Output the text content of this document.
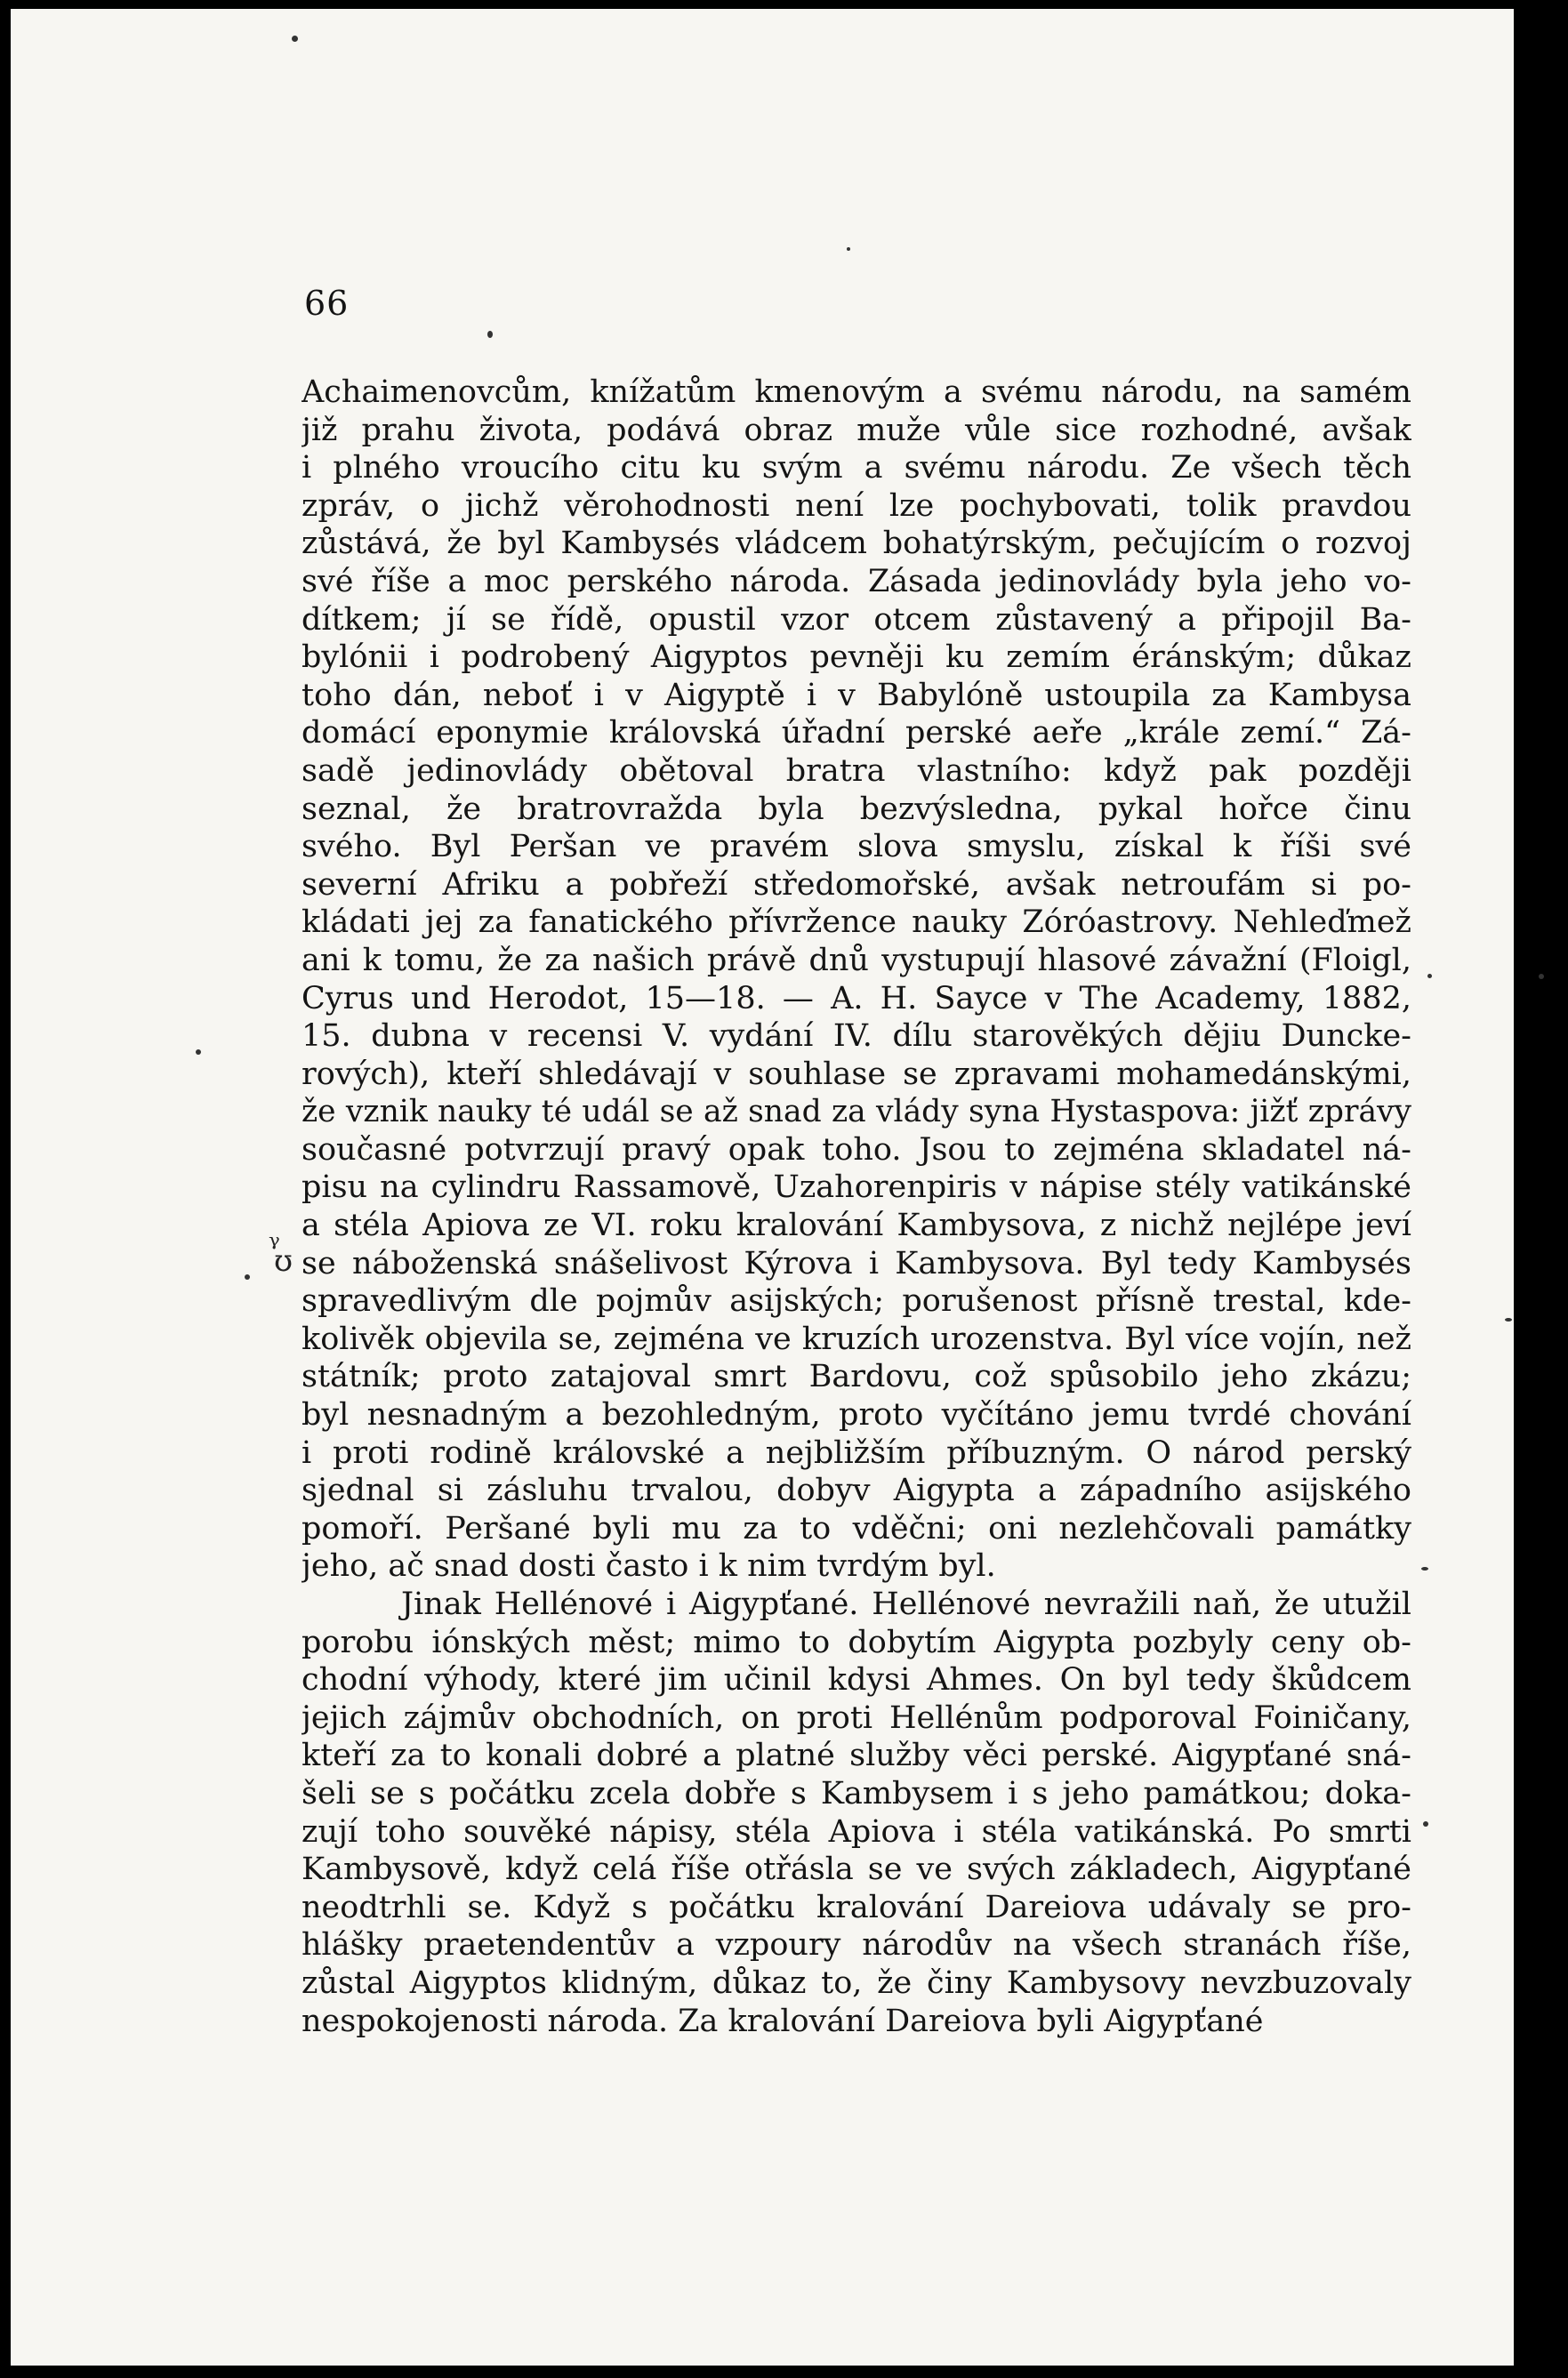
66
Achaimenovcům, knížatům kmenovým a svému národu, na samém
již prahu života, podává obraz muže vůle sice rozhodné, avšak
i plného vroucího citu ku svým a svému národu. Ze všech těch
zpráv, o jichž věrohodnosti není lze pochybovati, tolik pravdou
zůstává, že byl Kambysés vládcem bohatýrským, pečujícím o rozvoj
své říše a moc perského národa. Zásada jedinovlády byla jeho vo-
dítkem; jí se řídě, opustil vzor otcem zůstavený a připojil Ba-
bylónii i podrobený Aigyptos pevněji ku zemím éránským; důkaz
toho dán, neboť i v Aigyptě i v Babylóně ustoupila za Kambysa
domácí eponymie královská úřadní perské aeře „krále zemí.“ Zá-
sadě jedinovlády obětoval bratra vlastního: když pak později
seznal, že bratrovražda byla bezvýsledna, pykal hořce činu
svého. Byl Peršan ve pravém slova smyslu, získal k říši své
severní Afriku a pobřeží středomořské, avšak netroufám si po-
kládati jej za fanatického přívržence nauky Zóróastrovy. Nehleďmež
ani k tomu, že za našich právě dnů vystupují hlasové závažní (Floigl,
Cyrus und Herodot, 15—18. — A. H. Sayce v The Academy, 1882,
15. dubna v recensi V. vydání IV. dílu starověkých dějiu Duncke-
rových), kteří shledávají v souhlase se zpravami mohamedánskými,
že vznik nauky té udál se až snad za vlády syna Hystaspova: jižť zprávy
současné potvrzují pravý opak toho. Jsou to zejména skladatel ná-
pisu na cylindru Rassamově, Uzahorenpiris v nápise stély vatikánské
a stéla Apiova ze VI. roku kralování Kambysova, z nichž nejlépe jeví
se náboženská snášelivost Kýrova i Kambysova. Byl tedy Kambysés
spravedlivým dle pojmův asijských; porušenost přísně trestal, kde-
kolivěk objevila se, zejména ve kruzích urozenstva. Byl více vojín, než
státník; proto zatajoval smrt Bardovu, což spůsobilo jeho zkázu;
byl nesnadným a bezohledným, proto vyčítáno jemu tvrdé chování
i proti rodině královské a nejbližším příbuzným. O národ perský
sjednal si zásluhu trvalou, dobyv Aigypta a západního asijského
pomoří. Peršané byli mu za to vděčni; oni nezlehčovali památky
jeho, ač snad dosti často i k nim tvrdým byl.
Jinak Hellénové i Aigypťané. Hellénové nevražili naň, že utužil
porobu iónských měst; mimo to dobytím Aigypta pozbyly ceny ob-
chodní výhody, které jim učinil kdysi Ahmes. On byl tedy škůdcem
jejich zájmův obchodních, on proti Hellénům podporoval Foiničany,
kteří za to konali dobré a platné služby věci perské. Aigypťané sná-
šeli se s počátku zcela dobře s Kambysem i s jeho památkou; doka-
zují toho souvěké nápisy, stéla Apiova i stéla vatikánská. Po smrti
Kambysově, když celá říše otřásla se ve svých základech, Aigypťané
neodtrhli se. Když s počátku kralování Dareiova udávaly se pro-
hlášky praetendentův a vzpoury národův na všech stranách říše,
zůstal Aigyptos klidným, důkaz to, že činy Kambysovy nevzbuzovaly
nespokojenosti národa. Za kralování Dareiova byli Aigypťané
ᵧ
ʊ
